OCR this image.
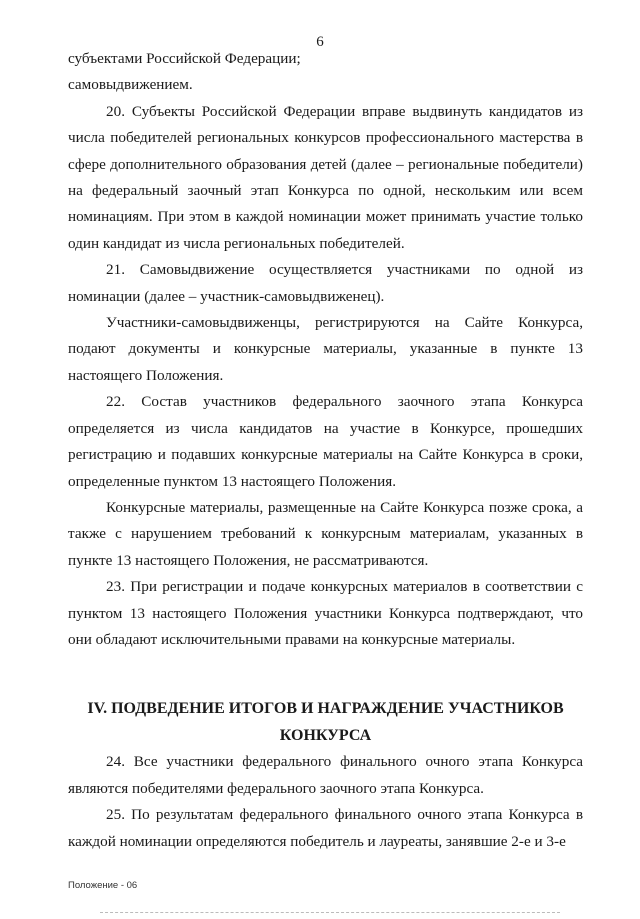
6

субъектами Российской Федерации;

самовыдвижением.

20. Субъекты Российской Федерации вправе выдвинуть кандидатов из числа победителей региональных конкурсов профессионального мастерства в сфере дополнительного образования детей (далее – региональные победители) на федеральный заочный этап Конкурса по одной, нескольким или всем номинациям. При этом в каждой номинации может принимать участие только один кандидат из числа региональных победителей.

21. Самовыдвижение осуществляется участниками по одной из номинации (далее – участник-самовыдвиженец).

Участники-самовыдвиженцы, регистрируются на Сайте Конкурса, подают документы и конкурсные материалы, указанные в пункте 13 настоящего Положения.

22. Состав участников федерального заочного этапа Конкурса определяется из числа кандидатов на участие в Конкурсе, прошедших регистрацию и подавших конкурсные материалы на Сайте Конкурса в сроки, определенные пунктом 13 настоящего Положения.

Конкурсные материалы, размещенные на Сайте Конкурса позже срока, а также с нарушением требований к конкурсным материалам, указанных в пункте 13 настоящего Положения, не рассматриваются.

23. При регистрации и подаче конкурсных материалов в соответствии с пунктом 13 настоящего Положения участники Конкурса подтверждают, что они обладают исключительными правами на конкурсные материалы.

IV. ПОДВЕДЕНИЕ ИТОГОВ И НАГРАЖДЕНИЕ УЧАСТНИКОВ
КОНКУРСА

24. Все участники федерального финального очного этапа Конкурса являются победителями федерального заочного этапа Конкурса.

25. По результатам федерального финального очного этапа Конкурса в каждой номинации определяются победитель и лауреаты, занявшие 2-е и 3-е

Положение - 06
